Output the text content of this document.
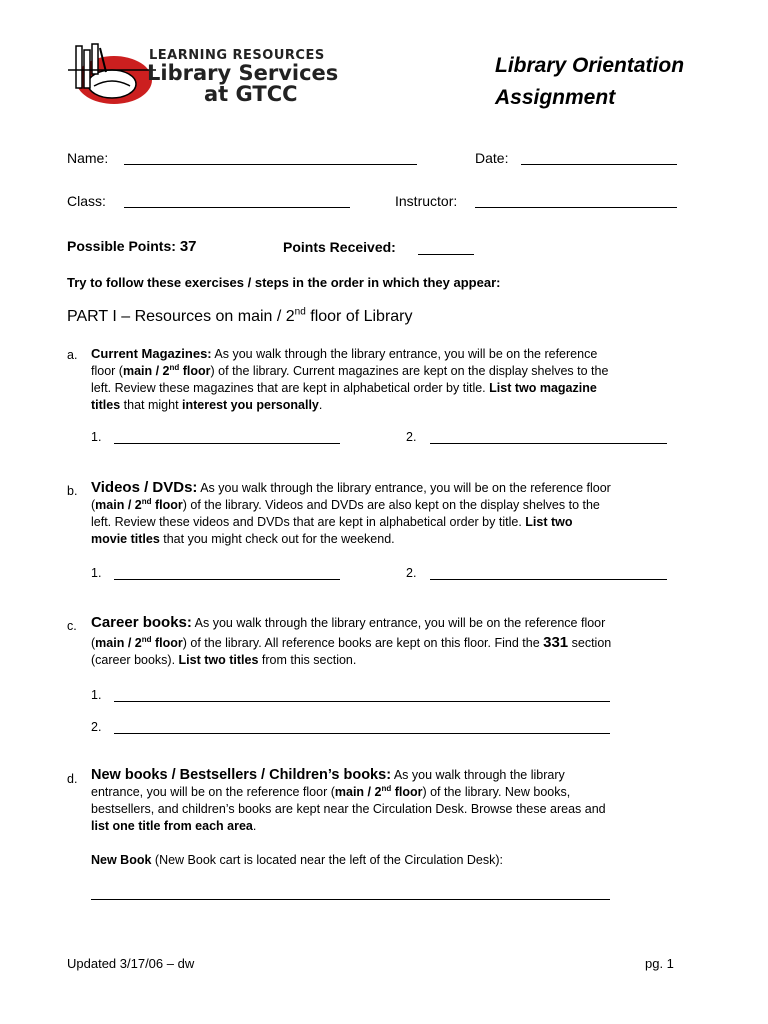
LEARNING RESOURCES
Library Services
at GTCC
Library Orientation
Assignment
Name:	Date:
Class:	Instructor:
Possible Points: 37	Points Received:
Try to follow these exercises / steps in the order in which they appear:
PART I – Resources on main / 2nd floor of Library
a. Current Magazines: As you walk through the library entrance, you will be on the reference
floor (main / 2nd floor) of the library. Current magazines are kept on the display shelves to the
left. Review these magazines that are kept in alphabetical order by title. List two magazine
titles that might interest you personally.
1.	2.
b. Videos / DVDs: As you walk through the library entrance, you will be on the reference floor
(main / 2nd floor) of the library. Videos and DVDs are also kept on the display shelves to the
left. Review these videos and DVDs that are kept in alphabetical order by title. List two
movie titles that you might check out for the weekend.
1.	2.
c. Career books: As you walk through the library entrance, you will be on the reference floor
(main / 2nd floor) of the library. All reference books are kept on this floor. Find the 331 section
(career books). List two titles from this section.
1.
2.
d. New books / Bestsellers / Children’s books: As you walk through the library
entrance, you will be on the reference floor (main / 2nd floor) of the library. New books,
bestsellers, and children’s books are kept near the Circulation Desk. Browse these areas and
list one title from each area.
New Book (New Book cart is located near the left of the Circulation Desk):
Updated 3/17/06 – dw	pg. 1
